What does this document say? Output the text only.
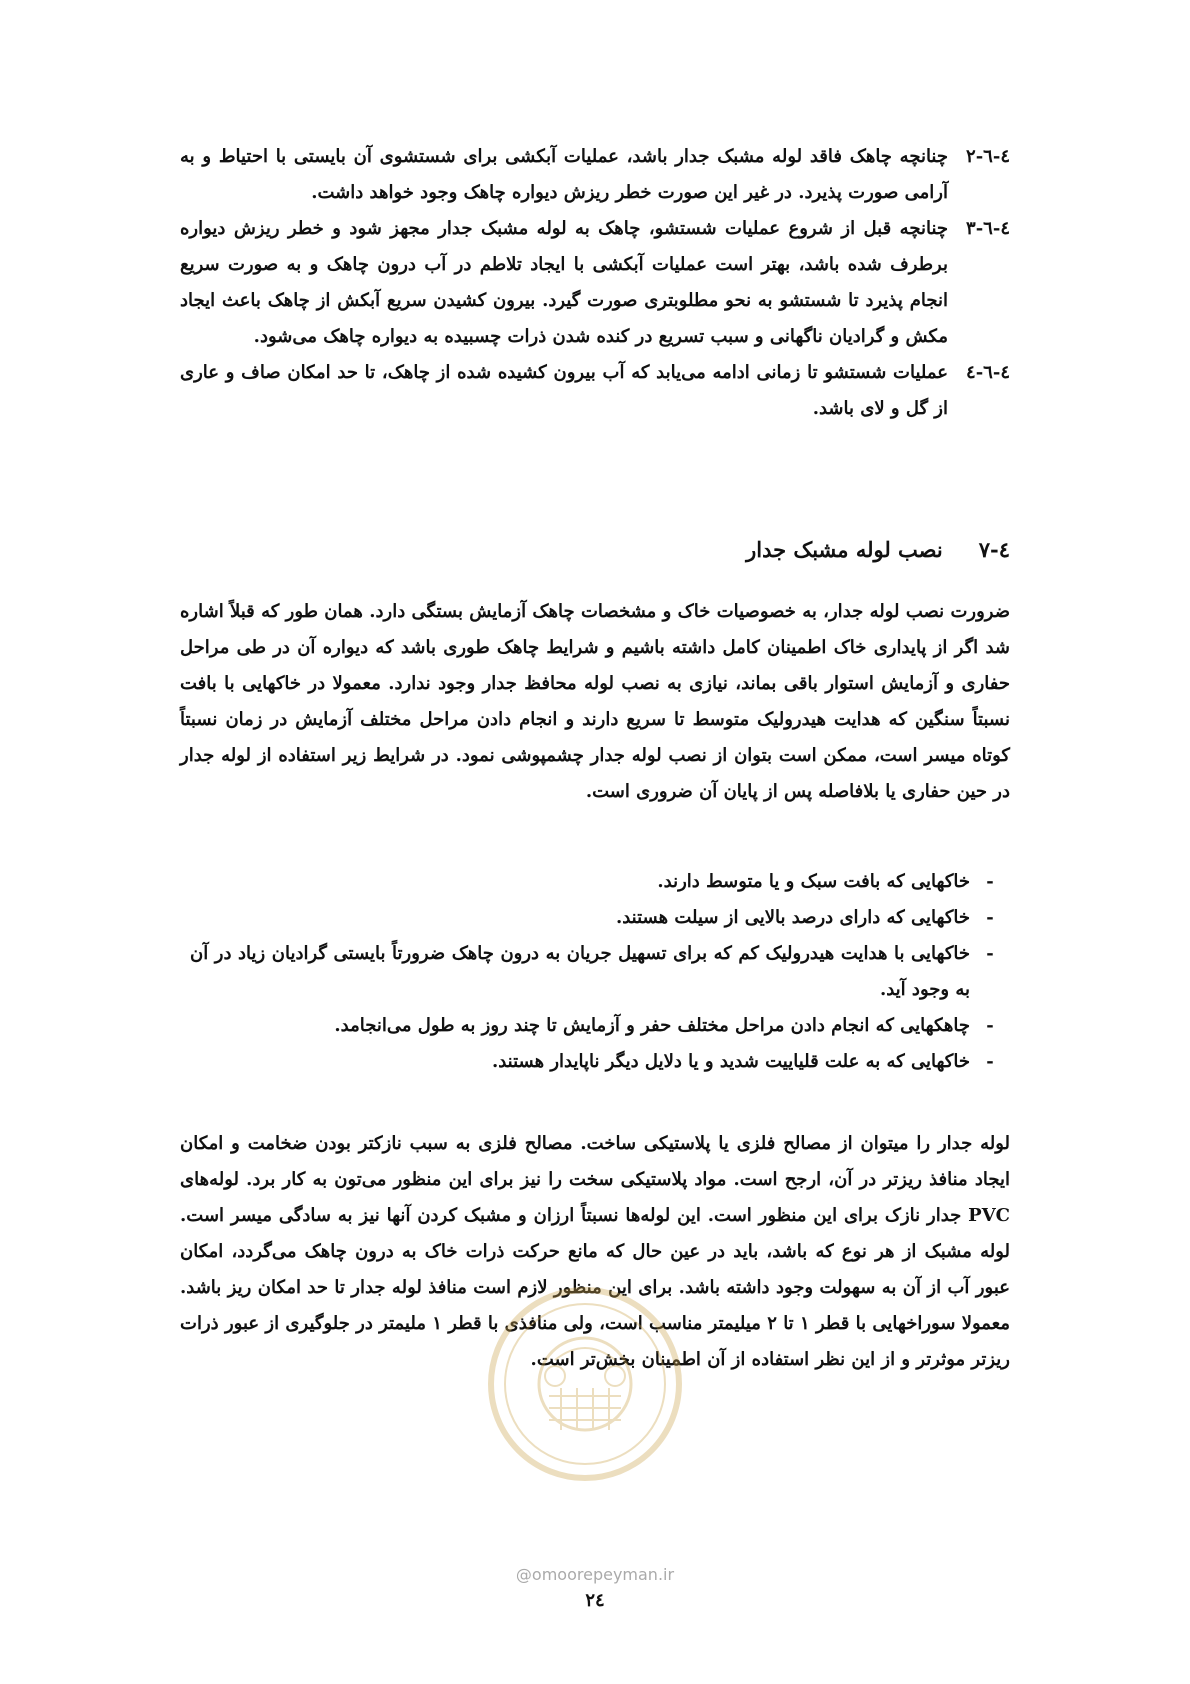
٤-٦-٢

چنانچه چاهک فاقد لوله مشبک جدار باشد، عملیات آبکشی برای شستشوی آن بایستی با احتیاط و به آرامی صورت پذیرد. در غیر این صورت خطر ریزش دیواره چاهک وجود خواهد داشت.

٤-٦-٣

چنانچه قبل از شروع عملیات شستشو، چاهک به لوله مشبک جدار مجهز شود و خطر ریزش دیواره برطرف شده باشد، بهتر است عملیات آبکشی با ایجاد تلاطم در آب درون چاهک و به صورت سریع انجام پذیرد تا شستشو به نحو مطلوبتری صورت گیرد. بیرون کشیدن سریع آبکش از چاهک باعث ایجاد مکش و گرادیان ناگهانی و سبب تسریع در کنده شدن ذرات چسبیده به دیواره چاهک می‌شود.

٤-٦-٤

عملیات شستشو تا زمانی ادامه می‌یابد که آب بیرون کشیده شده از چاهک، تا حد امکان صاف و عاری از گل و لای باشد.

٤-٧
نصب لوله مشبک جدار

ضرورت نصب لوله جدار، به خصوصیات خاک و مشخصات چاهک آزمایش بستگی دارد. همان طور که قبلاً اشاره شد اگر از پایداری خاک اطمینان کامل داشته باشیم و شرایط چاهک طوری باشد که دیواره آن در طی مراحل حفاری و آزمایش استوار باقی بماند، نیازی به نصب لوله محافظ جدار وجود ندارد. معمولا در خاکهایی با بافت نسبتاً سنگین که هدایت هیدرولیک متوسط تا سریع دارند و انجام دادن مراحل مختلف آزمایش در زمان نسبتاً کوتاه میسر است، ممکن است بتوان از نصب لوله جدار چشمپوشی نمود. در شرایط زیر استفاده از لوله جدار در حین حفاری یا بلافاصله پس از پایان آن ضروری است.

-
خاکهایی که بافت سبک و یا متوسط دارند.
-
خاکهایی که دارای درصد بالایی از سیلت هستند.
-
خاکهایی با هدایت هیدرولیک کم که برای تسهیل جریان به درون چاهک ضرورتاً بایستی گرادیان زیاد در آن به وجود آید.
-
چاهکهایی که انجام دادن مراحل مختلف حفر و آزمایش تا چند روز به طول می‌انجامد.
-
خاکهایی که به علت قلیاییت شدید و یا دلایل دیگر ناپایدار هستند.

لوله جدار را میتوان از مصالح فلزی یا پلاستیکی ساخت. مصالح فلزی به سبب نازکتر بودن ضخامت و امکان ایجاد منافذ ریزتر در آن، ارجح است. مواد پلاستیکی سخت را نیز برای این منظور می‌تون به کار برد. لوله‌های PVC جدار نازک برای این منظور است. این لوله‌ها نسبتاً ارزان و مشبک کردن آنها نیز به سادگی میسر است. لوله مشبک از هر نوع که باشد، باید در عین حال که مانع حرکت ذرات خاک به درون چاهک می‌گردد، امکان عبور آب از آن به سهولت وجود داشته باشد. برای این منظور لازم است منافذ لوله جدار تا حد امکان ریز باشد. معمولا سوراخهایی با قطر ۱ تا ۲ میلیمتر مناسب است، ولی منافذی با قطر ۱ ملیمتر در جلوگیری از عبور ذرات ریزتر موثرتر و از این نظر استفاده از آن اطمینان بخش‌تر است.

@omoorepeyman.ir
٢٤
